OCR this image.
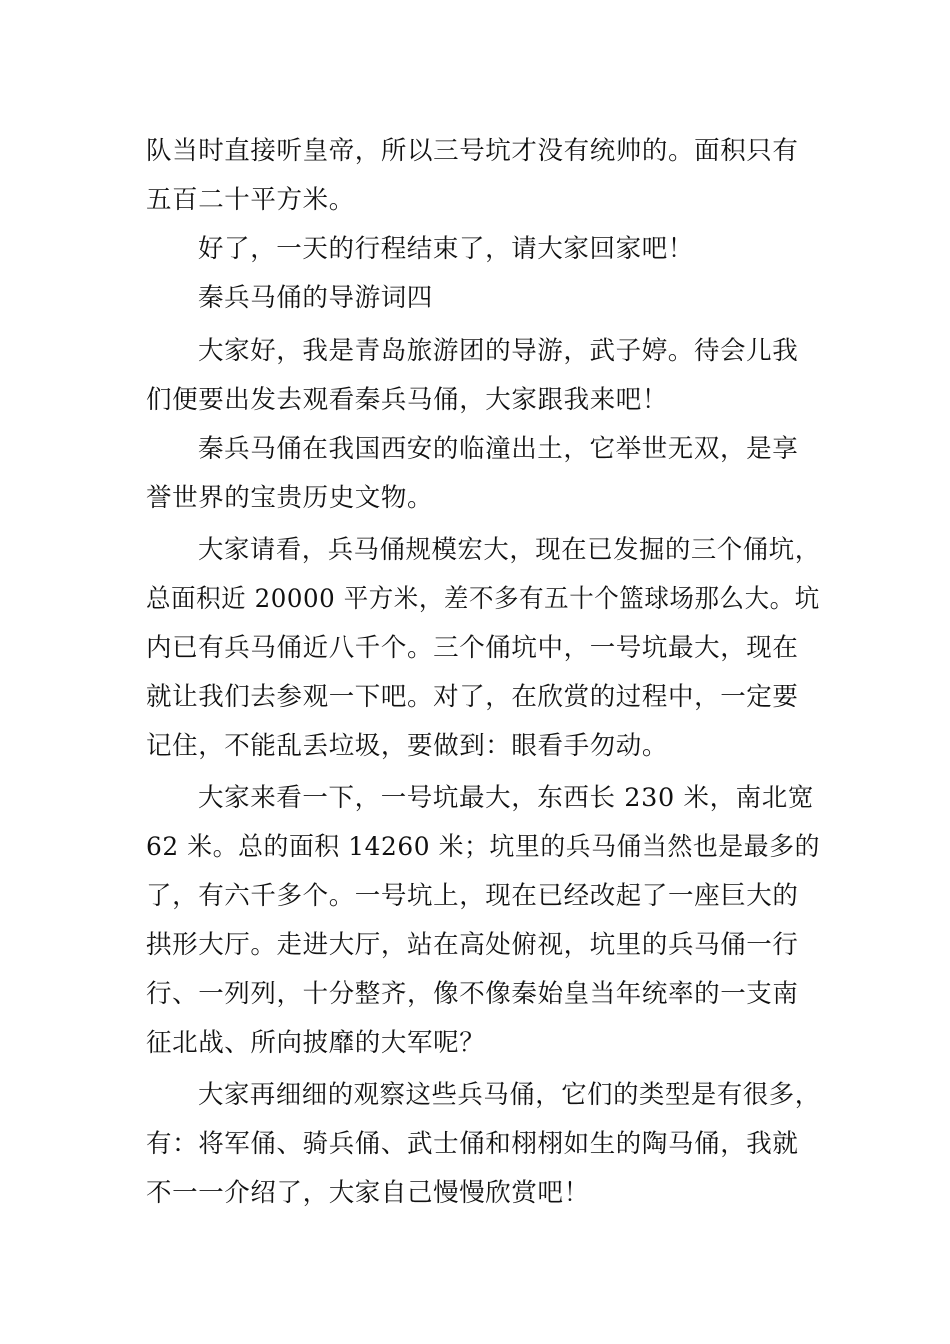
队当时直接听皇帝，所以三号坑才没有统帅的。面积只有
五百二十平方米。
好了，一天的行程结束了，请大家回家吧！
秦兵马俑的导游词四
大家好，我是青岛旅游团的导游，武子婷。待会儿我
们便要出发去观看秦兵马俑，大家跟我来吧！
秦兵马俑在我国西安的临潼出土，它举世无双，是享
誉世界的宝贵历史文物。
大家请看，兵马俑规模宏大，现在已发掘的三个俑坑，
总面积近 20000 平方米，差不多有五十个篮球场那么大。坑
内已有兵马俑近八千个。三个俑坑中，一号坑最大，现在
就让我们去参观一下吧。对了，在欣赏的过程中，一定要
记住，不能乱丢垃圾，要做到：眼看手勿动。
大家来看一下，一号坑最大，东西长 230 米，南北宽
62 米。总的面积 14260 米；坑里的兵马俑当然也是最多的
了，有六千多个。一号坑上，现在已经改起了一座巨大的
拱形大厅。走进大厅，站在高处俯视，坑里的兵马俑一行
行、一列列，十分整齐，像不像秦始皇当年统率的一支南
征北战、所向披靡的大军呢？
大家再细细的观察这些兵马俑，它们的类型是有很多，
有：将军俑、骑兵俑、武士俑和栩栩如生的陶马俑，我就
不一一介绍了，大家自己慢慢欣赏吧！
